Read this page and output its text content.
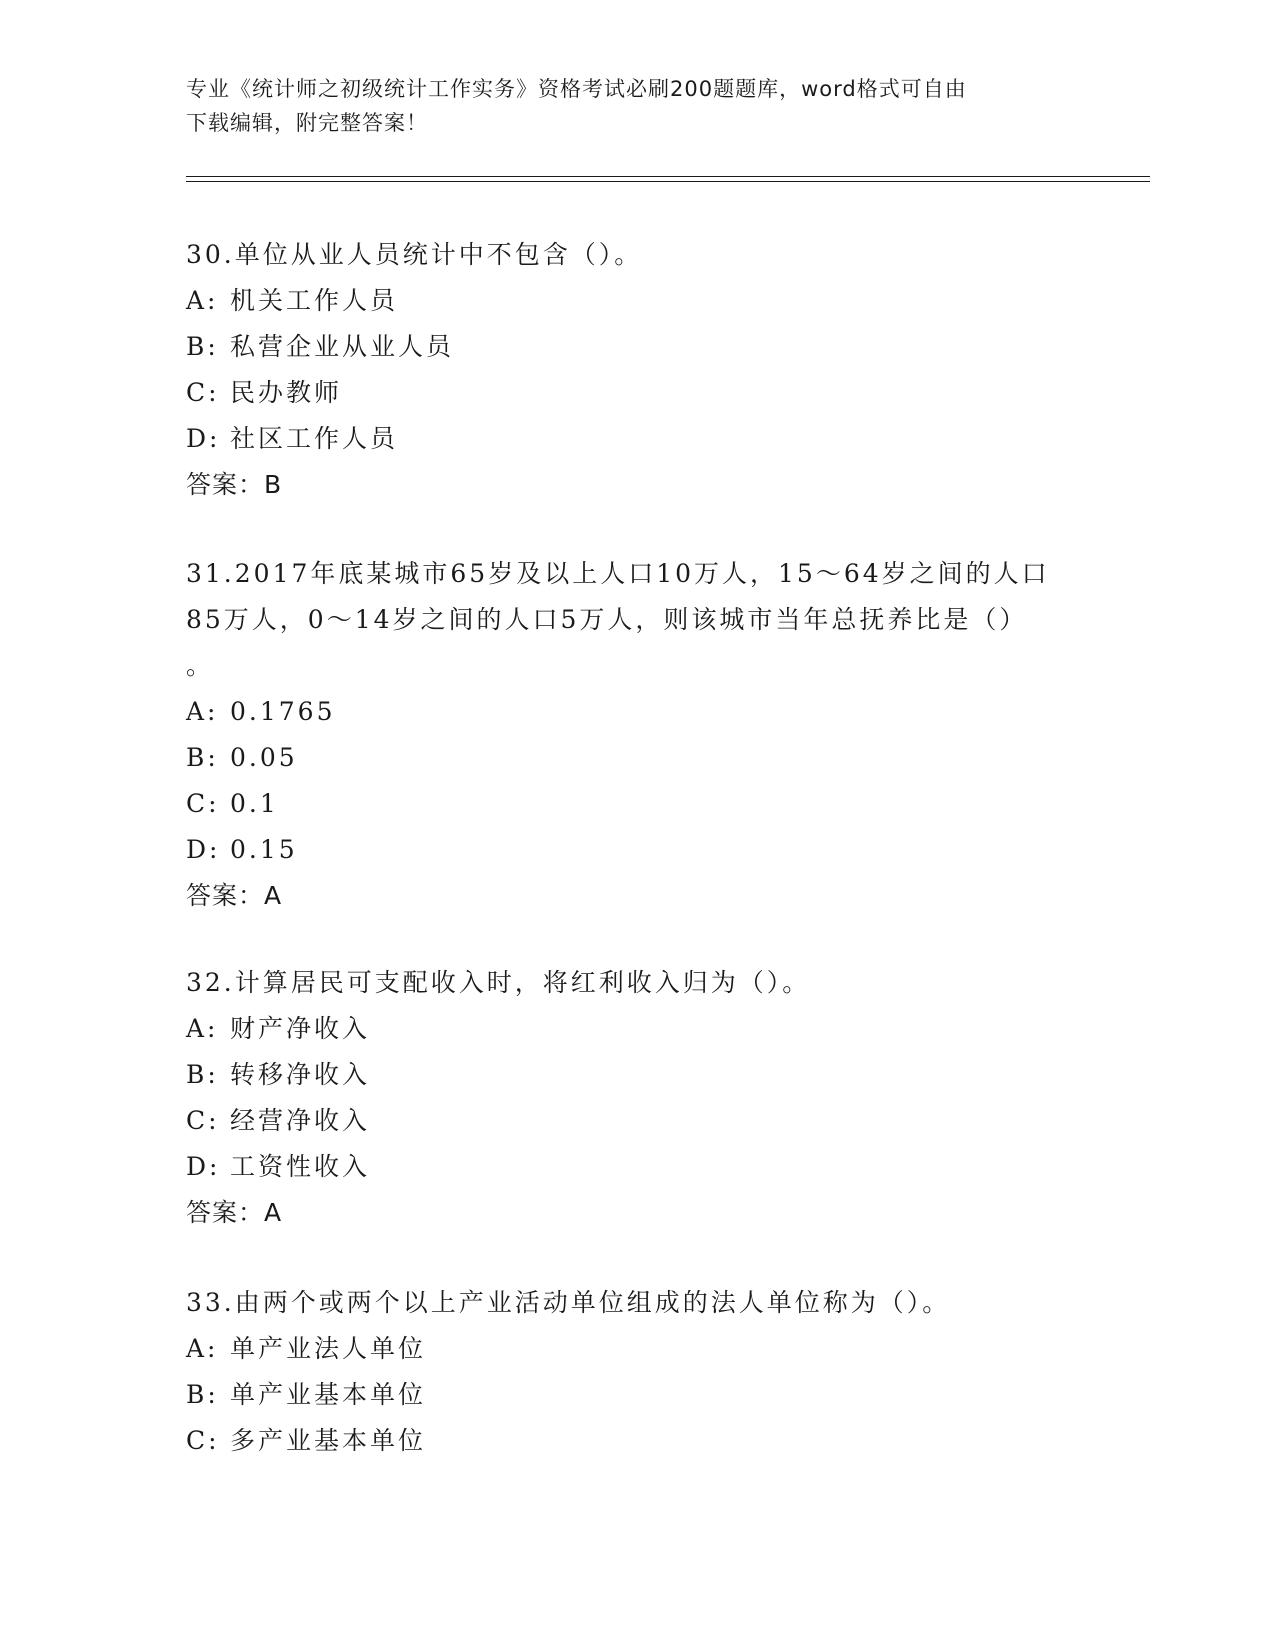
专业《统计师之初级统计工作实务》资格考试必刷200题题库，word格式可自由
下载编辑，附完整答案！

30.单位从业人员统计中不包含（）。

A: 机关工作人员

B: 私营企业从业人员

C: 民办教师

D: 社区工作人员

答案：B

31.2017年底某城市65岁及以上人口10万人，15～64岁之间的人口

85万人，0～14岁之间的人口5万人，则该城市当年总抚养比是（）

。

A: 0.1765

B: 0.05

C: 0.1

D: 0.15

答案：A

32.计算居民可支配收入时，将红利收入归为（）。

A: 财产净收入

B: 转移净收入

C: 经营净收入

D: 工资性收入

答案：A

33.由两个或两个以上产业活动单位组成的法人单位称为（）。

A: 单产业法人单位

B: 单产业基本单位

C: 多产业基本单位
